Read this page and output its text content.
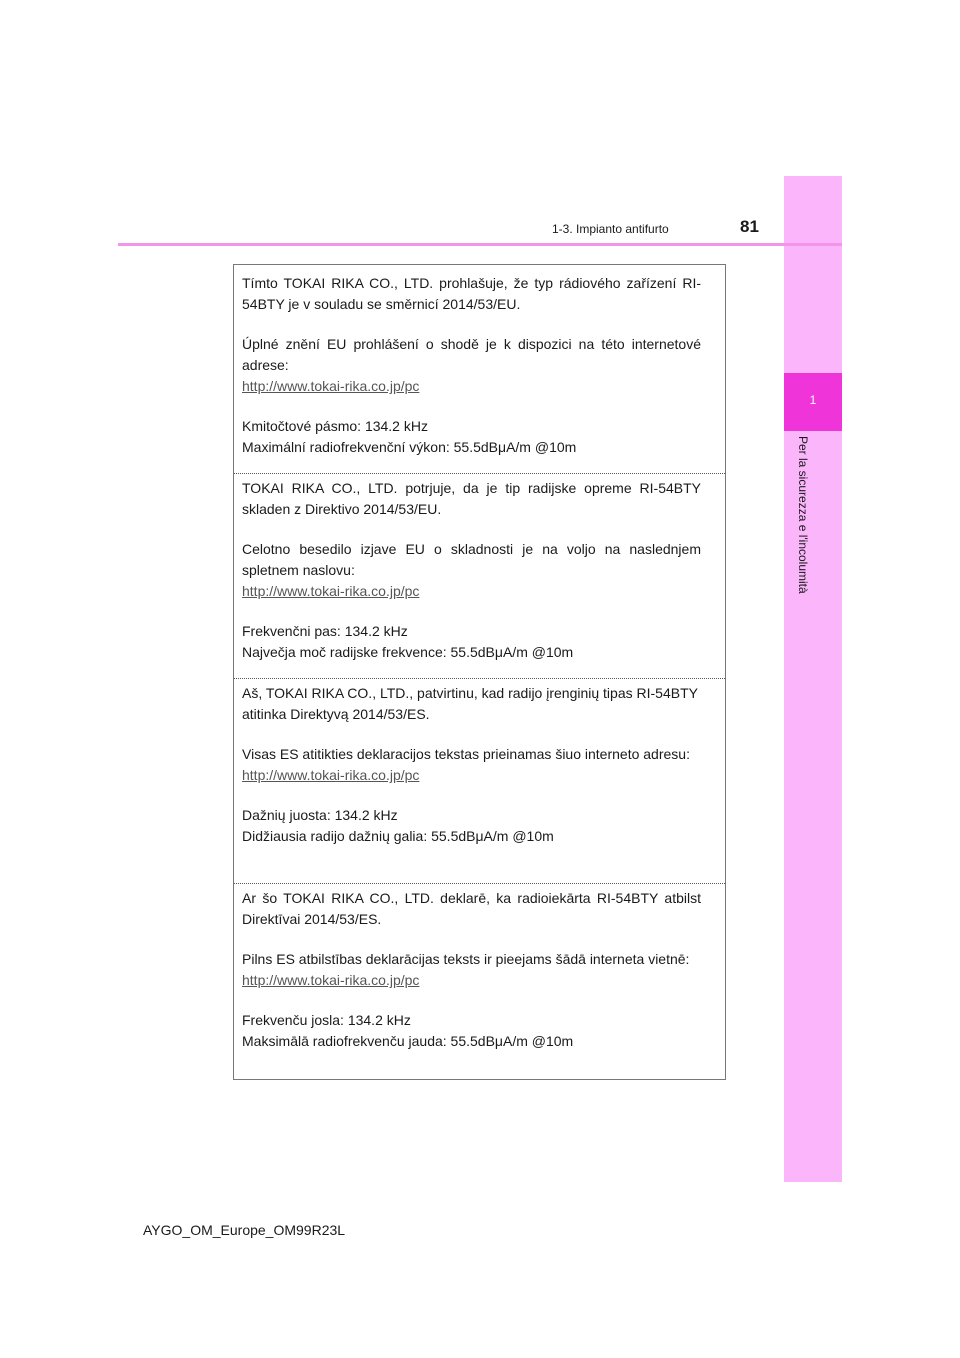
1
Per la sicurezza e l'incolumità
1-3. Impianto antifurto	81

Tímto TOKAI RIKA CO., LTD. prohlašuje, že typ rádiového zařízení RI-54BTY je v souladu se směrnicí 2014/53/EU.

Úplné znění EU prohlášení o shodě je k dispozici na této internetové adrese:

http://www.tokai-rika.co.jp/pc

Kmitočtové pásmo: 134.2 kHz

Maximální radiofrekvenční výkon: 55.5dBμA/m @10m

TOKAI RIKA CO., LTD. potrjuje, da je tip radijske opreme RI-54BTY skladen z Direktivo 2014/53/EU.

Celotno besedilo izjave EU o skladnosti je na voljo na naslednjem spletnem naslovu:

http://www.tokai-rika.co.jp/pc

Frekvenčni pas: 134.2 kHz

Največja moč radijske frekvence: 55.5dBμA/m @10m

Aš, TOKAI RIKA CO., LTD., patvirtinu, kad radijo įrenginių tipas RI-54BTY atitinka Direktyvą 2014/53/ES.

Visas ES atitikties deklaracijos tekstas prieinamas šiuo interneto adresu:

http://www.tokai-rika.co.jp/pc

Dažnių juosta: 134.2 kHz

Didžiausia radijo dažnių galia: 55.5dBμA/m @10m

Ar šo TOKAI RIKA CO., LTD. deklarē, ka radioiekārta RI-54BTY atbilst Direktīvai 2014/53/ES.

Pilns ES atbilstības deklarācijas teksts ir pieejams šādā interneta vietnē:

http://www.tokai-rika.co.jp/pc

Frekvenču josla: 134.2 kHz

Maksimālā radiofrekvenču jauda: 55.5dBμA/m @10m

AYGO_OM_Europe_OM99R23L
